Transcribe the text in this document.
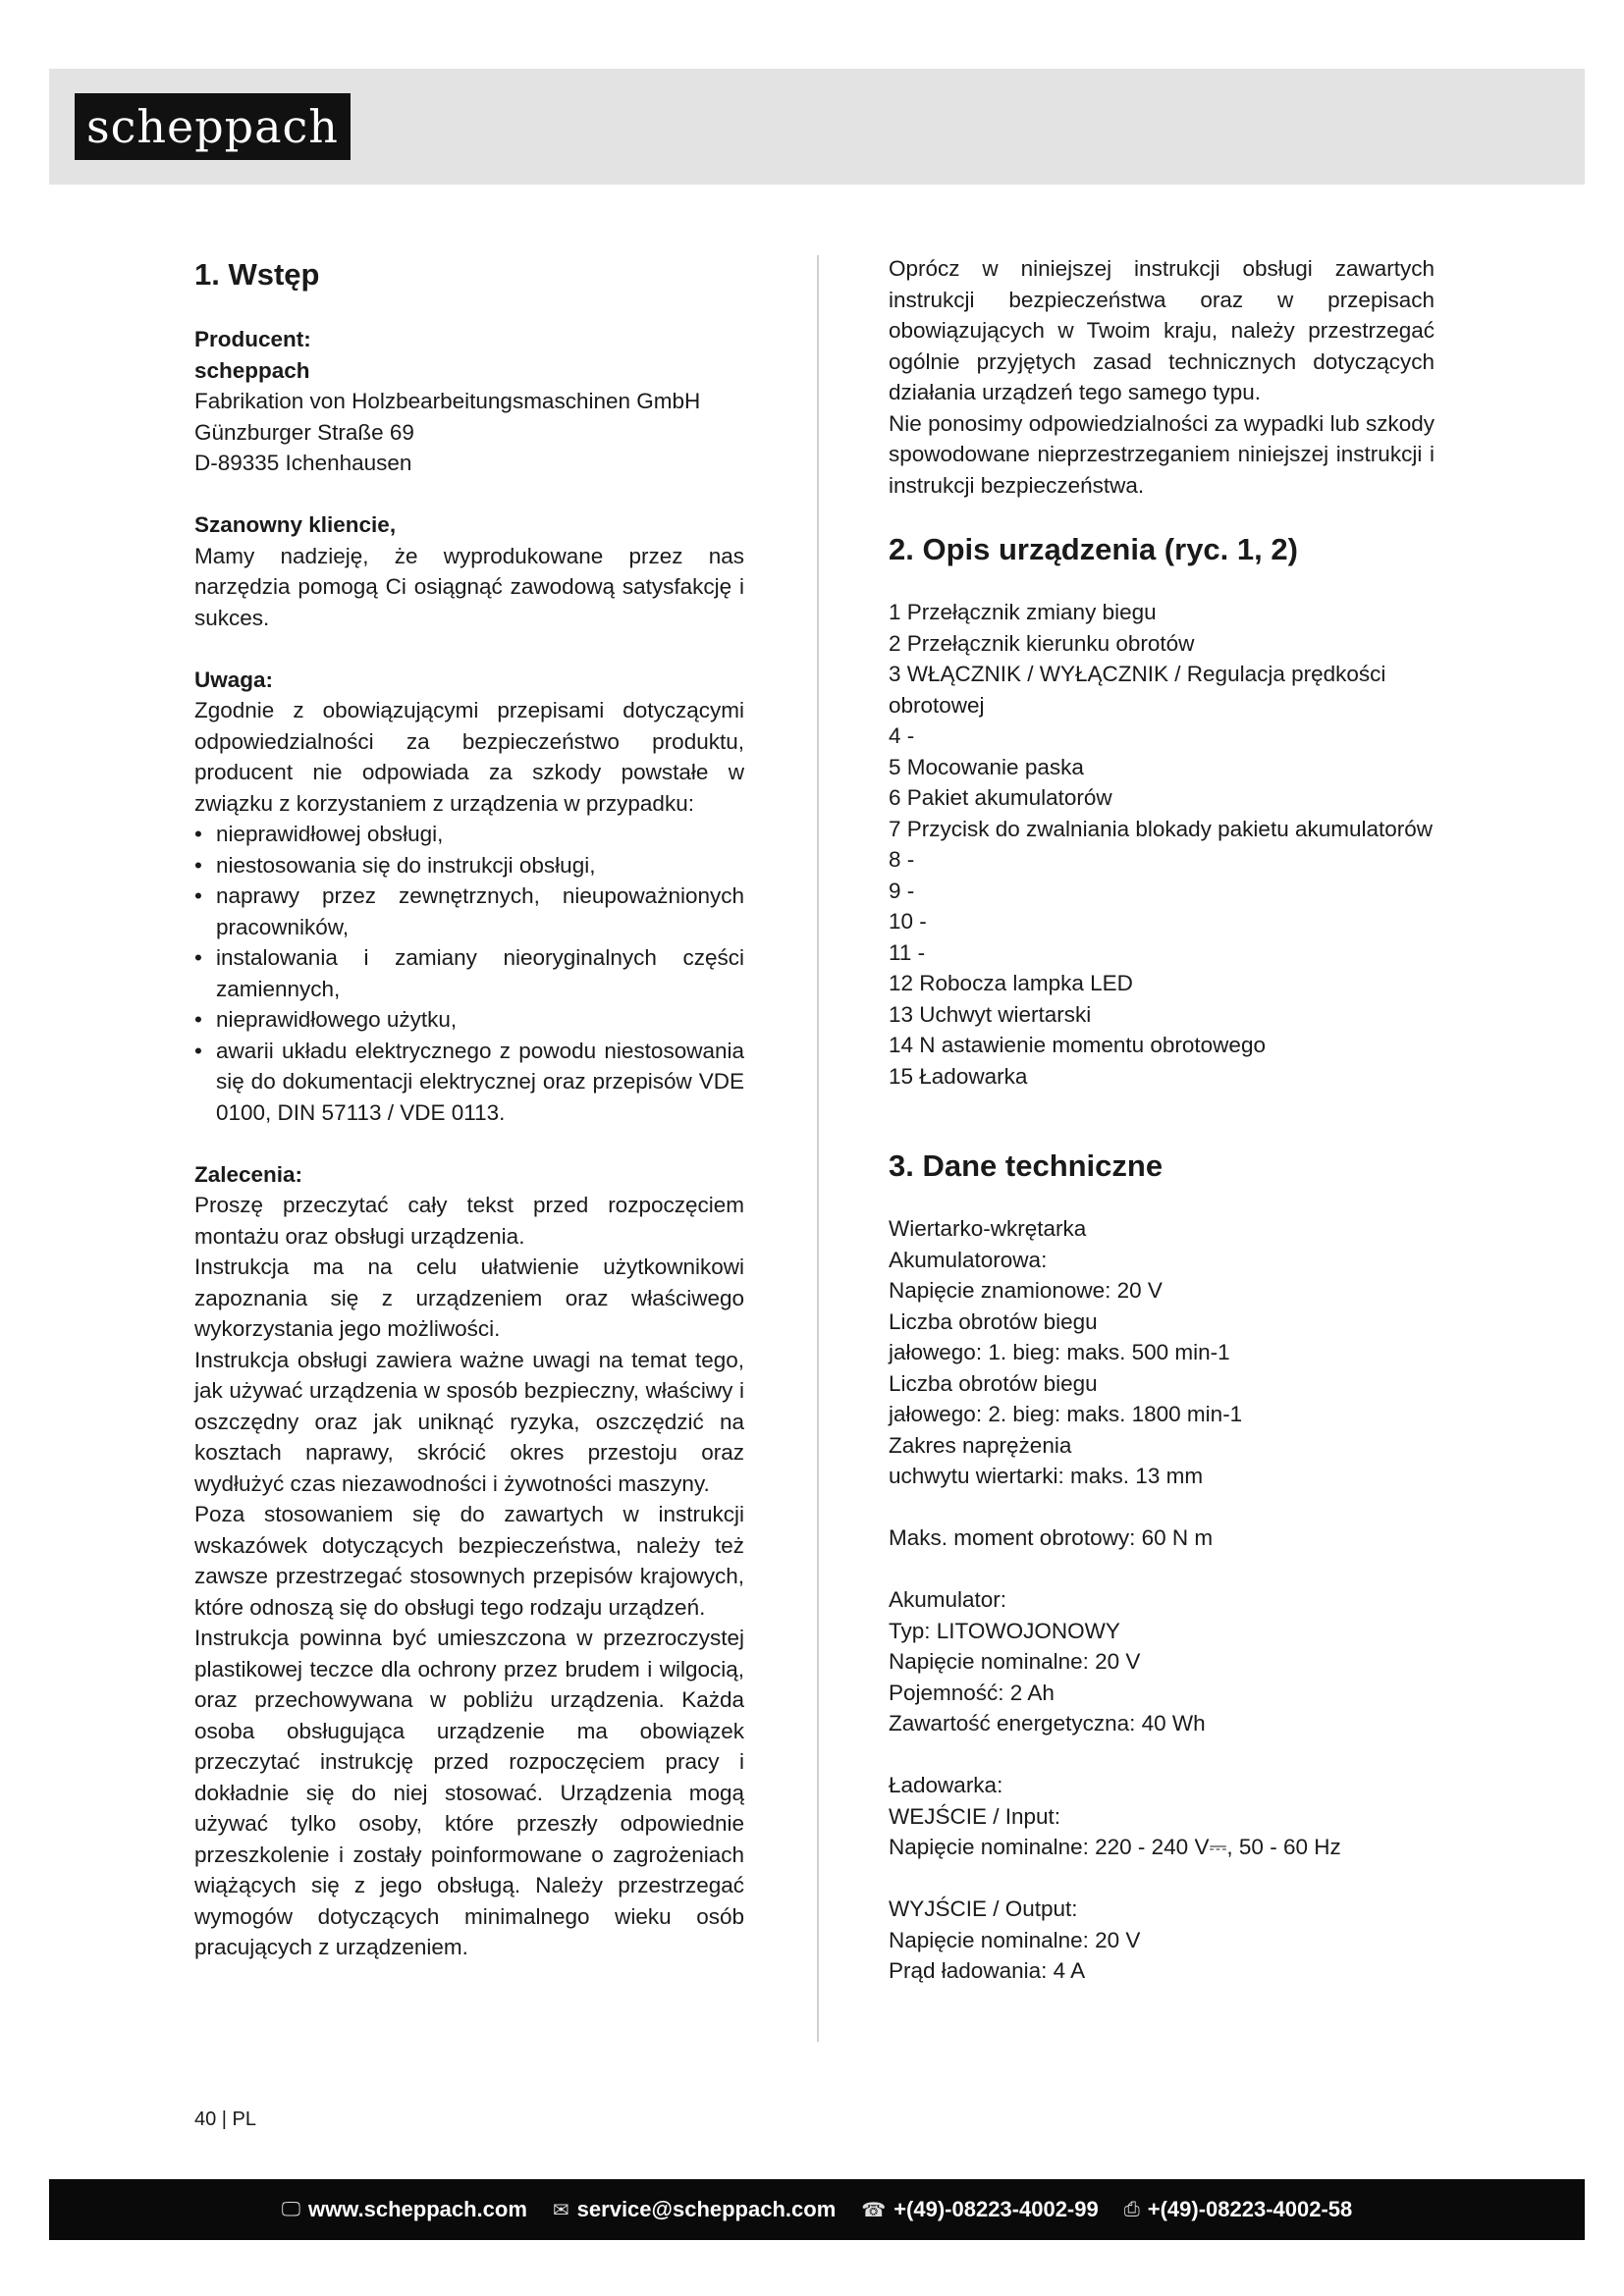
scheppach
1. Wstęp

Producent:

scheppach

Fabrikation von Holzbearbeitungsmaschinen GmbH

Günzburger Straße 69

D-89335 Ichenhausen

Szanowny kliencie,

Mamy nadzieję, że wyprodukowane przez nas narzędzia pomogą Ci osiągnąć zawodową satysfakcję i sukces.

Uwaga:

Zgodnie z obowiązującymi przepisami dotyczącymi odpowiedzialności za bezpieczeństwo produktu, producent nie odpowiada za szkody powstałe w związku z korzystaniem z urządzenia w przypadku:

• nieprawidłowej obsługi,
• niestosowania się do instrukcji obsługi,
• naprawy przez zewnętrznych, nieupoważnionych pracowników,
• instalowania i zamiany nieoryginalnych części zamiennych,
• nieprawidłowego użytku,
• awarii układu elektrycznego z powodu niestosowania się do dokumentacji elektrycznej oraz przepisów VDE 0100, DIN 57113 / VDE 0113.

Zalecenia:

Proszę przeczytać cały tekst przed rozpoczęciem montażu oraz obsługi urządzenia.

Instrukcja ma na celu ułatwienie użytkownikowi zapoznania się z urządzeniem oraz właściwego wykorzystania jego możliwości.

Instrukcja obsługi zawiera ważne uwagi na temat tego, jak używać urządzenia w sposób bezpieczny, właściwy i oszczędny oraz jak uniknąć ryzyka, oszczędzić na kosztach naprawy, skrócić okres przestoju oraz wydłużyć czas niezawodności i żywotności maszyny.

Poza stosowaniem się do zawartych w instrukcji wskazówek dotyczących bezpieczeństwa, należy też zawsze przestrzegać stosownych przepisów krajowych, które odnoszą się do obsługi tego rodzaju urządzeń.

Instrukcja powinna być umieszczona w przezroczystej plastikowej teczce dla ochrony przez brudem i wilgocią, oraz przechowywana w pobliżu urządzenia. Każda osoba obsługująca urządzenie ma obowiązek przeczytać instrukcję przed rozpoczęciem pracy i dokładnie się do niej stosować. Urządzenia mogą używać tylko osoby, które przeszły odpowiednie przeszkolenie i zostały poinformowane o zagrożeniach wiążących się z jego obsługą. Należy przestrzegać wymogów dotyczących minimalnego wieku osób pracujących z urządzeniem.

Oprócz w niniejszej instrukcji obsługi zawartych instrukcji bezpieczeństwa oraz w przepisach obowiązujących w Twoim kraju, należy przestrzegać ogólnie przyjętych zasad technicznych dotyczących działania urządzeń tego samego typu.

Nie ponosimy odpowiedzialności za wypadki lub szkody spowodowane nieprzestrzeganiem niniejszej instrukcji i instrukcji bezpieczeństwa.

2. Opis urządzenia (ryc. 1, 2)
1 Przełącznik zmiany biegu
2 Przełącznik kierunku obrotów
3 WŁĄCZNIK / WYŁĄCZNIK / Regulacja prędkości obrotowej
4 -
5 Mocowanie paska
6 Pakiet akumulatorów
7 Przycisk do zwalniania blokady pakietu akumulatorów
8 -
9 -
10 -
11 -
12 Robocza lampka LED
13 Uchwyt wiertarski
14 N astawienie momentu obrotowego
15 Ładowarka
3. Dane techniczne

Wiertarko-wkrętarka

Akumulatorowa:

Napięcie znamionowe: 20 V

Liczba obrotów biegu

jałowego: 1. bieg: maks. 500 min-1

Liczba obrotów biegu

jałowego: 2. bieg: maks. 1800 min-1

Zakres naprężenia

uchwytu wiertarki: maks. 13 mm

Maks. moment obrotowy: 60 N m

Akumulator:

Typ: LITOWOJONOWY

Napięcie nominalne: 20 V

Pojemność: 2 Ah

Zawartość energetyczna: 40 Wh

Ładowarka:

WEJŚCIE / Input:

Napięcie nominalne: 220 - 240 V⎓, 50 - 60 Hz

WYJŚCIE / Output:

Napięcie nominalne: 20 V

Prąd ładowania: 4 A

40 | PL
🖵 www.scheppach.com ✉ service@scheppach.com ☎ +(49)-08223-4002-99 ⎙ +(49)-08223-4002-58
